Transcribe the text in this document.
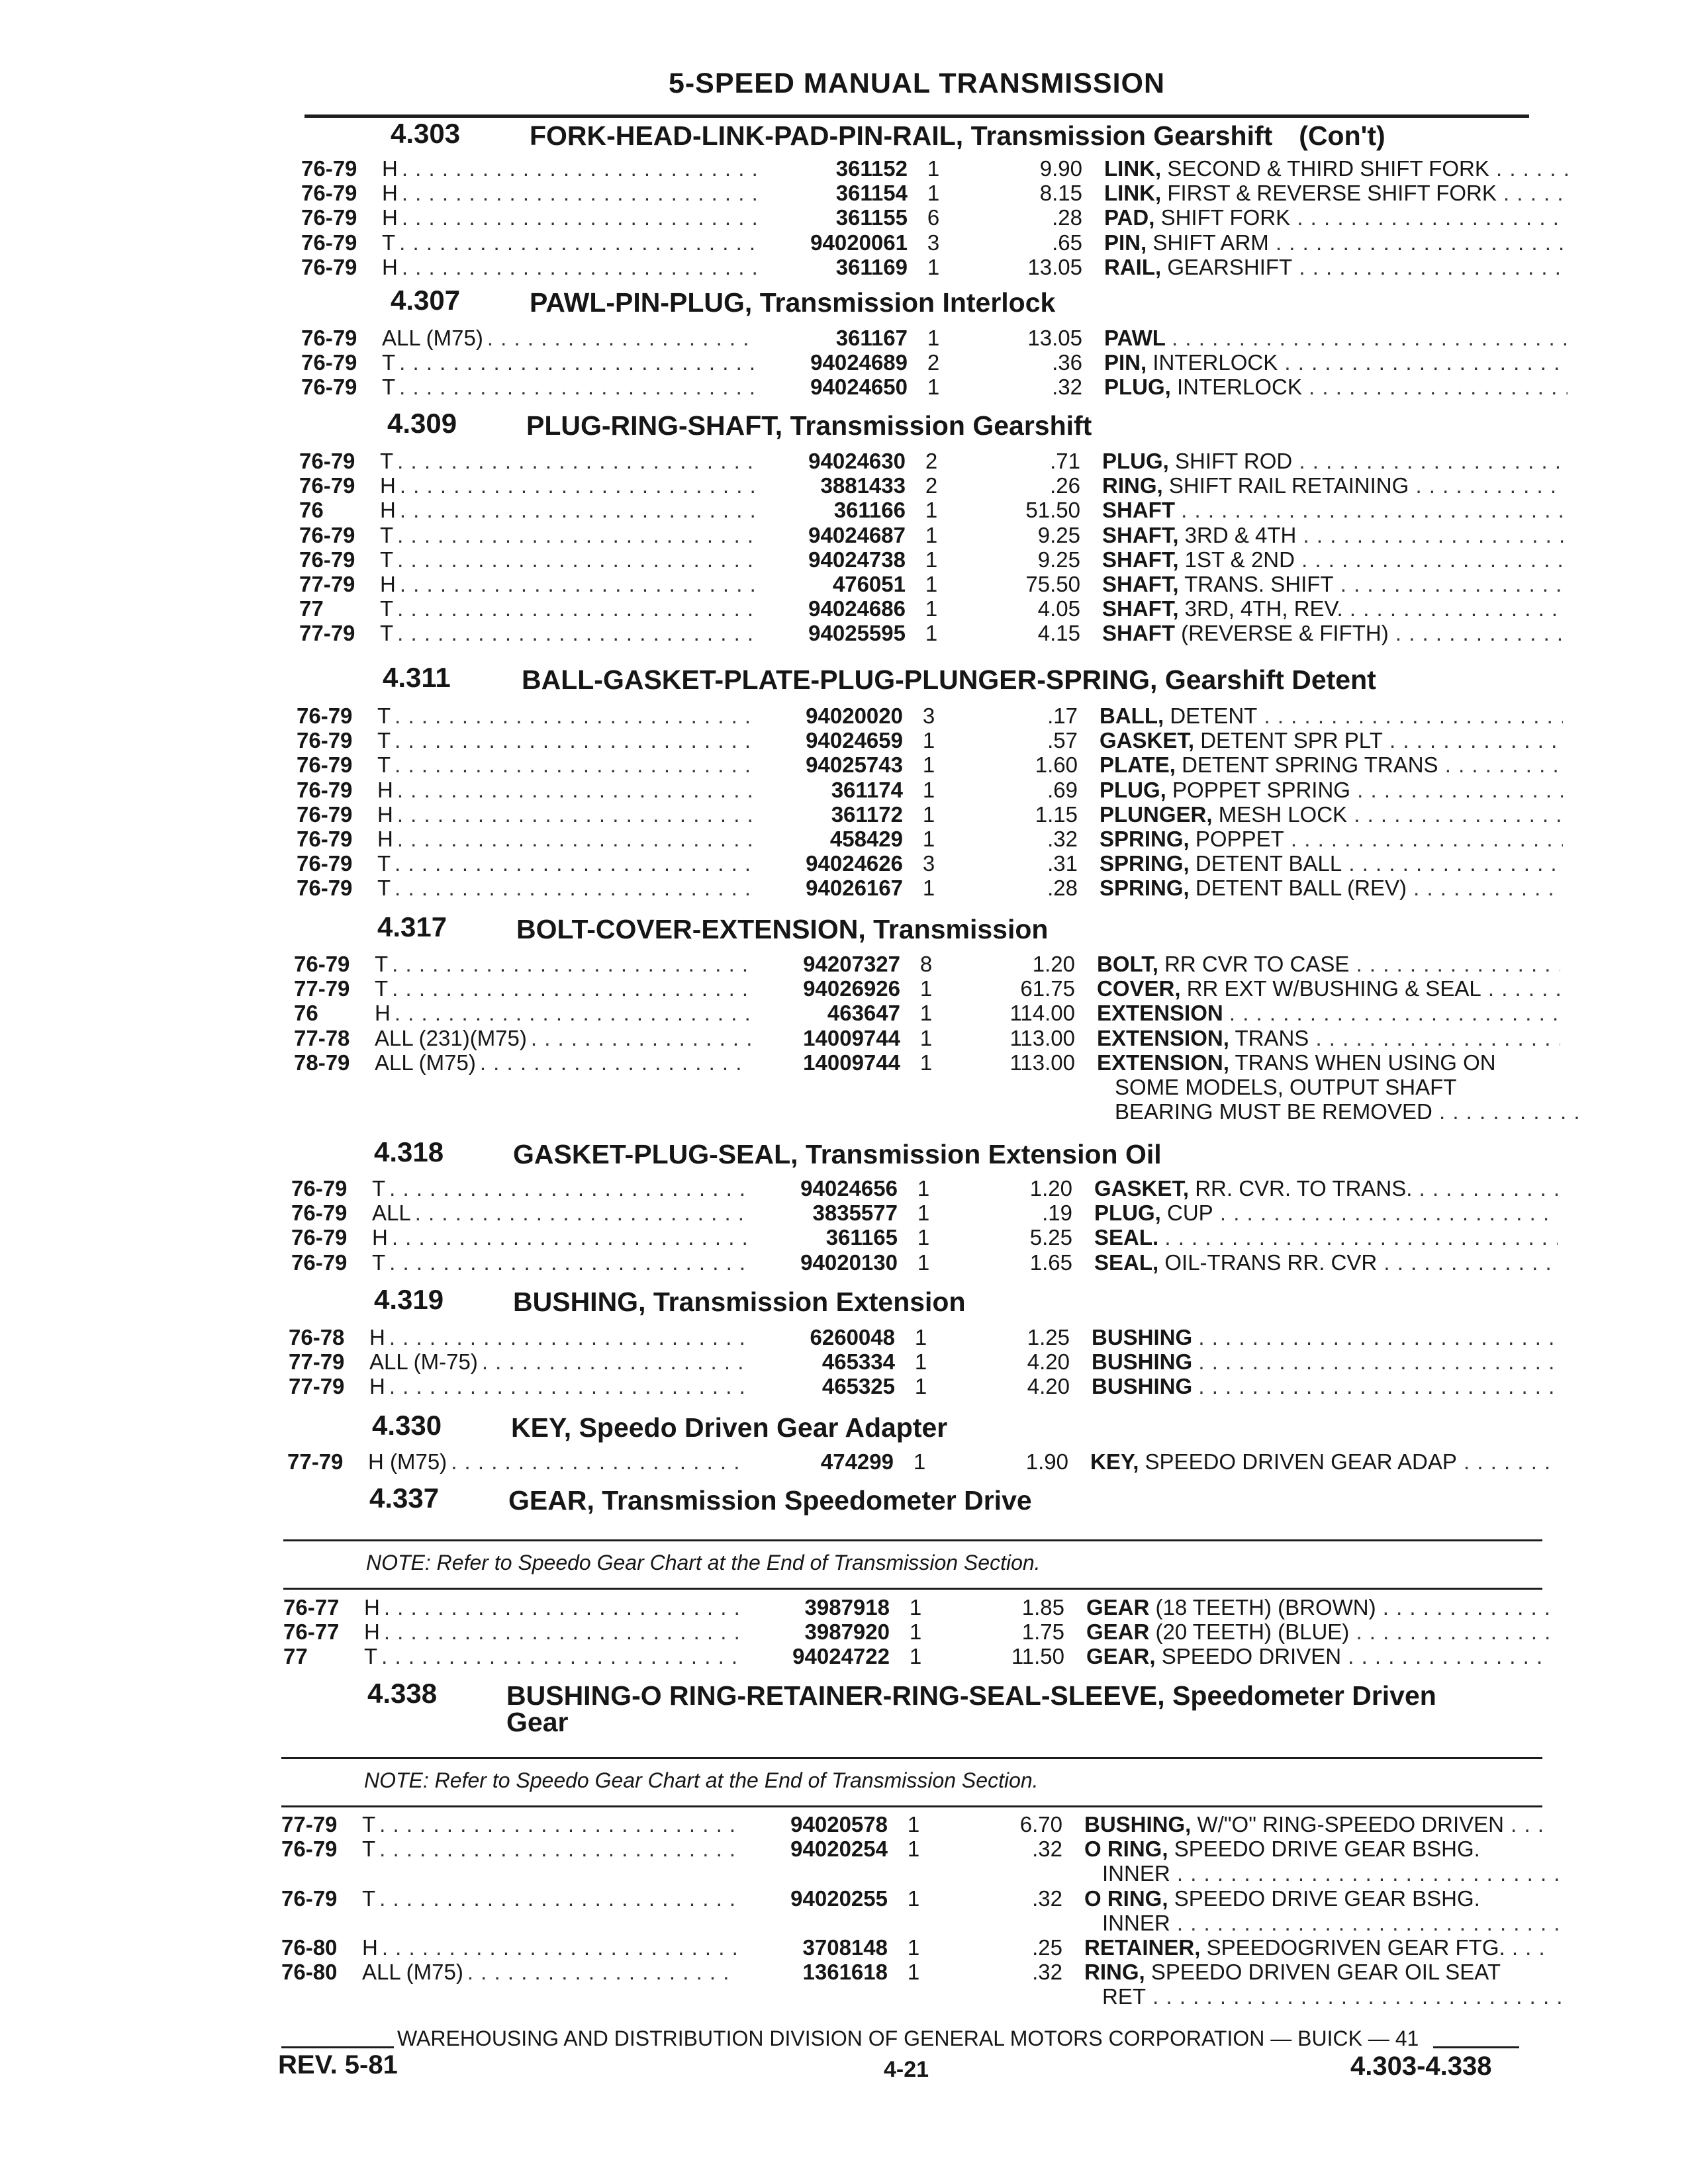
5-SPEED MANUAL TRANSMISSION
4.303	FORK-HEAD-LINK-PAD-PIN-RAIL, Transmission Gearshift (Con't)
76-79	H . . .	361152 1	9.90 LINK, SECOND & THIRD SHIFT FORK . . .
76-79	H . . .	361154 1	8.15 LINK, FIRST & REVERSE SHIFT FORK . . .
76-79	H . . .	361155 6	.28 PAD, SHIFT FORK . . .
76-79	T . . .	94020061 3	.65 PIN, SHIFT ARM . . .
76-79	H . . .	361169 1	13.05 RAIL, GEARSHIFT . . .
4.307	PAWL-PIN-PLUG, Transmission Interlock
76-79	ALL (M75) . . .	361167 1	13.05 PAWL . . .
76-79	T . . .	94024689 2	.36 PIN, INTERLOCK . . .
76-79	T . . .	94024650 1	.32 PLUG, INTERLOCK . . .
4.309	PLUG-RING-SHAFT, Transmission Gearshift
76-79	T . . .	94024630 2	.71 PLUG, SHIFT ROD . . .
76-79	H . . .	3881433 2	.26 RING, SHIFT RAIL RETAINING . . .
76	H . . .	361166 1	51.50 SHAFT . . .
76-79	T . . .	94024687 1	9.25 SHAFT, 3RD & 4TH . . .
76-79	T . . .	94024738 1	9.25 SHAFT, 1ST & 2ND . . .
77-79	H . . .	476051 1	75.50 SHAFT, TRANS. SHIFT . . .
77	T . . .	94024686 1	4.05 SHAFT, 3RD, 4TH, REV. . . .
77-79	T . . .	94025595 1	4.15 SHAFT (REVERSE & FIFTH) . . .
4.311	BALL-GASKET-PLATE-PLUG-PLUNGER-SPRING, Gearshift Detent
76-79	T . . .	94020020 3	.17 BALL, DETENT . . .
76-79	T . . .	94024659 1	.57 GASKET, DETENT SPR PLT . . .
76-79	T . . .	94025743 1	1.60 PLATE, DETENT SPRING TRANS . . .
76-79	H . . .	361174 1	.69 PLUG, POPPET SPRING . . .
76-79	H . . .	361172 1	1.15 PLUNGER, MESH LOCK . . .
76-79	H . . .	458429 1	.32 SPRING, POPPET . . .
76-79	T . . .	94024626 3	.31 SPRING, DETENT BALL . . .
76-79	T . . .	94026167 1	.28 SPRING, DETENT BALL (REV) . . .
4.317	BOLT-COVER-EXTENSION, Transmission
76-79	T . . .	94207327 8	1.20 BOLT, RR CVR TO CASE . . .
77-79	T . . .	94026926 1	61.75 COVER, RR EXT W/BUSHING & SEAL . . .
76	H . . .	463647 1	114.00 EXTENSION . . .
77-78	ALL (231)(M75) . . .	14009744 1	113.00 EXTENSION, TRANS . . .
78-79	ALL (M75) . . .	14009744 1	113.00 EXTENSION, TRANS WHEN USING ON
SOME MODELS, OUTPUT SHAFT
BEARING MUST BE REMOVED . . .
4.318	GASKET-PLUG-SEAL, Transmission Extension Oil
76-79	T . . .	94024656 1	1.20 GASKET, RR. CVR. TO TRANS. . . .
76-79	ALL . . .	3835577 1	.19 PLUG, CUP . . .
76-79	H . . .	361165 1	5.25 SEAL. . . .
76-79	T . . .	94020130 1	1.65 SEAL, OIL-TRANS RR. CVR . . .
4.319	BUSHING, Transmission Extension
76-78	H . . .	6260048 1	1.25 BUSHING . . .
77-79	ALL (M-75) . . .	465334 1	4.20 BUSHING . . .
77-79	H . . .	465325 1	4.20 BUSHING . . .
4.330	KEY, Speedo Driven Gear Adapter
77-79	H (M75) . . .	474299 1	1.90 KEY, SPEEDO DRIVEN GEAR ADAP . . .
4.337	GEAR, Transmission Speedometer Drive
NOTE: Refer to Speedo Gear Chart at the End of Transmission Section.
76-77	H . . .	3987918 1	1.85 GEAR (18 TEETH) (BROWN) . . .
76-77	H . . .	3987920 1	1.75 GEAR (20 TEETH) (BLUE) . . .
77	T . . .	94024722 1	11.50 GEAR, SPEEDO DRIVEN . . .
4.338	BUSHING-O RING-RETAINER-RING-SEAL-SLEEVE, Speedometer Driven
Gear
NOTE: Refer to Speedo Gear Chart at the End of Transmission Section.
77-79	T . . .	94020578 1	6.70 BUSHING, W/"O" RING-SPEEDO DRIVEN . . .
76-79	T . . .	94020254 1	.32 O RING, SPEEDO DRIVE GEAR BSHG.
INNER . . .
76-79	T . . .	94020255 1	.32 O RING, SPEEDO DRIVE GEAR BSHG.
INNER . . .
76-80	H . . .	3708148 1	.25 RETAINER, SPEEDOGRIVEN GEAR FTG. . . .
76-80	ALL (M75) . . .	1361618 1	.32 RING, SPEEDO DRIVEN GEAR OIL SEAT
RET . . .
WAREHOUSING AND DISTRIBUTION DIVISION OF GENERAL MOTORS CORPORATION — BUICK — 41
REV. 5-81	4-21	4.303-4.338
